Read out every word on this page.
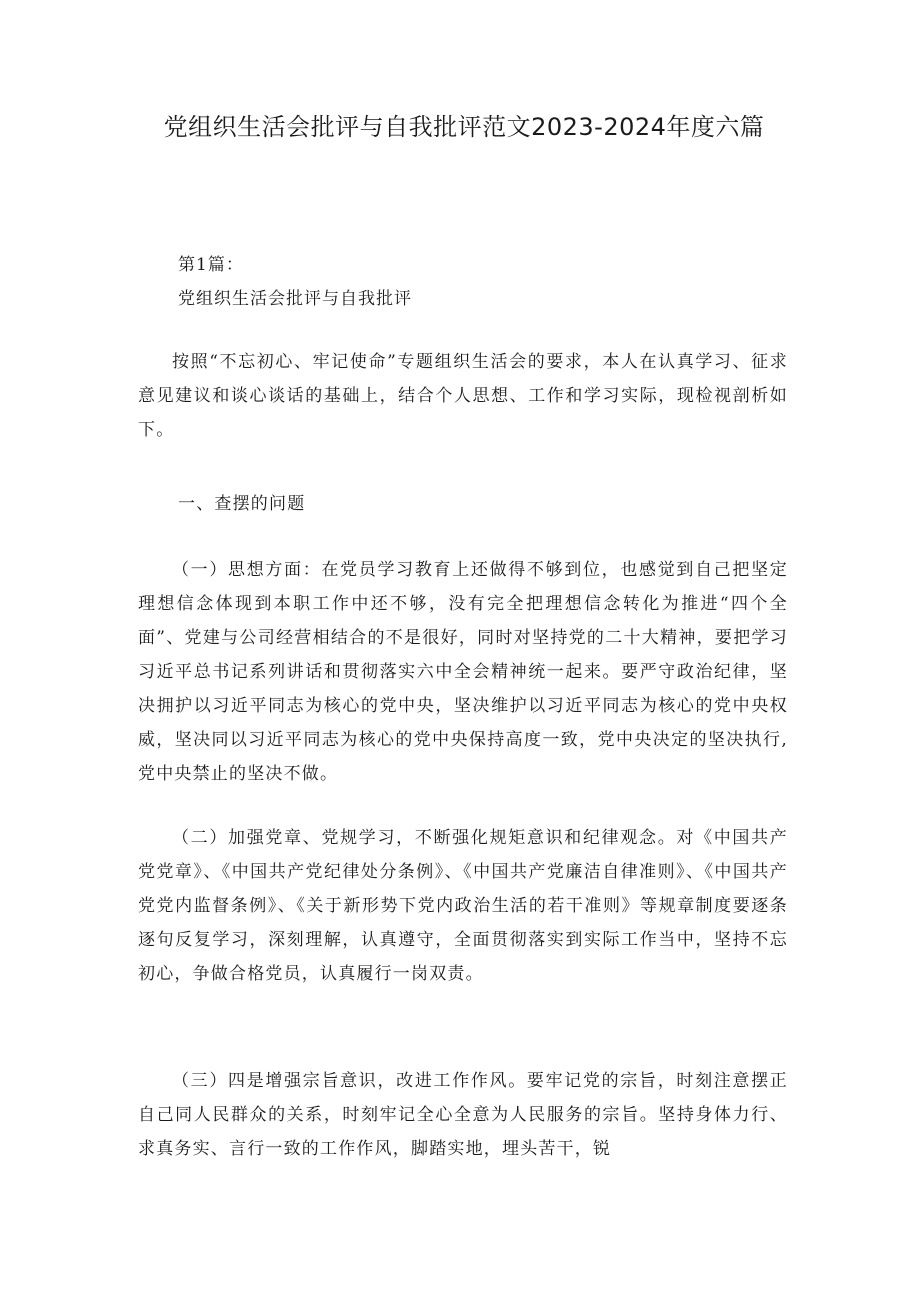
党组织生活会批评与自我批评范文2023-2024年度六篇

第1篇：

党组织生活会批评与自我批评

按照“不忘初心、牢记使命”专题组织生活会的要求，本人在认真学习、征求意见建议和谈心谈话的基础上，结合个人思想、工作和学习实际，现检视剖析如下。

一、查摆的问题

（一）思想方面：在党员学习教育上还做得不够到位，也感觉到自己把坚定理想信念体现到本职工作中还不够，没有完全把理想信念转化为推进“四个全面”、党建与公司经营相结合的不是很好，同时对坚持党的二十大精神，要把学习习近平总书记系列讲话和贯彻落实六中全会精神统一起来。要严守政治纪律，坚决拥护以习近平同志为核心的党中央，坚决维护以习近平同志为核心的党中央权威，坚决同以习近平同志为核心的党中央保持高度一致，党中央决定的坚决执行,党中央禁止的坚决不做。

（二）加强党章、党规学习，不断强化规矩意识和纪律观念。对《中国共产党党章》、《中国共产党纪律处分条例》、《中国共产党廉洁自律准则》、《中国共产党党内监督条例》、《关于新形势下党内政治生活的若干准则》等规章制度要逐条逐句反复学习，深刻理解，认真遵守，全面贯彻落实到实际工作当中，坚持不忘初心，争做合格党员，认真履行一岗双责。

（三）四是增强宗旨意识，改进工作作风。要牢记党的宗旨，时刻注意摆正自己同人民群众的关系，时刻牢记全心全意为人民服务的宗旨。坚持身体力行、求真务实、言行一致的工作作风，脚踏实地，埋头苦干，锐
